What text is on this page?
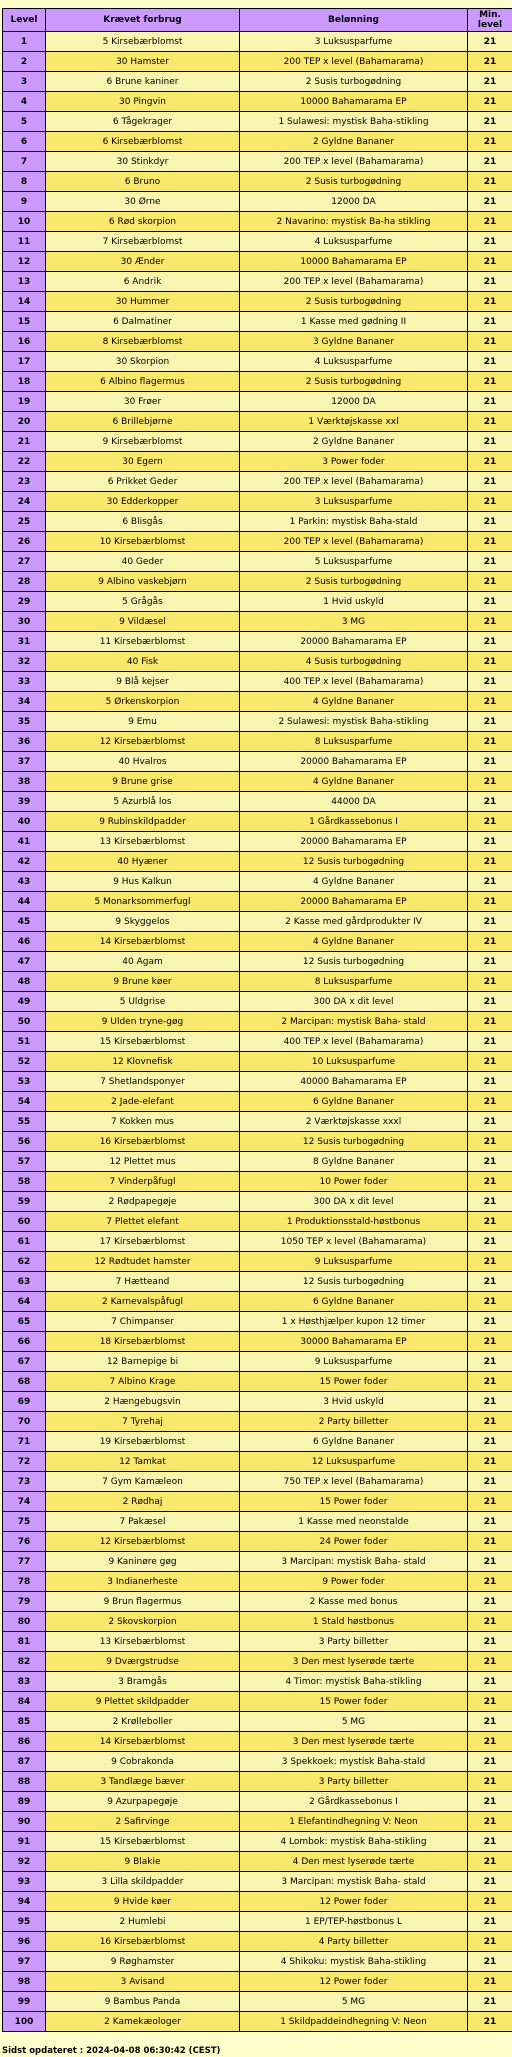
Level	Krævet forbrug	Belønning	Min. level
1	5 Kirsebærblomst	3 Luksusparfume	21
2	30 Hamster	200 TEP x level (Bahamarama)	21
3	6 Brune kaniner	2 Susis turbogødning	21
4	30 Pingvin	10000 Bahamarama EP	21
5	6 Tågekrager	1 Sulawesi: mystisk Baha-stikling	21
6	6 Kirsebærblomst	2 Gyldne Bananer	21
7	30 Stinkdyr	200 TEP x level (Bahamarama)	21
8	6 Bruno	2 Susis turbogødning	21
9	30 Ørne	12000 DA	21
10	6 Rød skorpion	2 Navarino: mystisk Ba-ha stikling	21
11	7 Kirsebærblomst	4 Luksusparfume	21
12	30 Ænder	10000 Bahamarama EP	21
13	6 Andrik	200 TEP x level (Bahamarama)	21
14	30 Hummer	2 Susis turbogødning	21
15	6 Dalmatiner	1 Kasse med gødning II	21
16	8 Kirsebærblomst	3 Gyldne Bananer	21
17	30 Skorpion	4 Luksusparfume	21
18	6 Albino flagermus	2 Susis turbogødning	21
19	30 Frøer	12000 DA	21
20	6 Brillebjørne	1 Værktøjskasse xxl	21
21	9 Kirsebærblomst	2 Gyldne Bananer	21
22	30 Egern	3 Power foder	21
23	6 Prikket Geder	200 TEP x level (Bahamarama)	21
24	30 Edderkopper	3 Luksusparfume	21
25	6 Blisgås	1 Parkin: mystisk Baha-stald	21
26	10 Kirsebærblomst	200 TEP x level (Bahamarama)	21
27	40 Geder	5 Luksusparfume	21
28	9 Albino vaskebjørn	2 Susis turbogødning	21
29	5 Grågås	1 Hvid uskyld	21
30	9 Vildæsel	3 MG	21
31	11 Kirsebærblomst	20000 Bahamarama EP	21
32	40 Fisk	4 Susis turbogødning	21
33	9 Blå kejser	400 TEP x level (Bahamarama)	21
34	5 Ørkenskorpion	4 Gyldne Bananer	21
35	9 Emu	2 Sulawesi: mystisk Baha-stikling	21
36	12 Kirsebærblomst	8 Luksusparfume	21
37	40 Hvalros	20000 Bahamarama EP	21
38	9 Brune grise	4 Gyldne Bananer	21
39	5 Azurblå los	44000 DA	21
40	9 Rubinskildpadder	1 Gårdkassebonus I	21
41	13 Kirsebærblomst	20000 Bahamarama EP	21
42	40 Hyæner	12 Susis turbogødning	21
43	9 Hus Kalkun	4 Gyldne Bananer	21
44	5 Monarksommerfugl	20000 Bahamarama EP	21
45	9 Skyggelos	2 Kasse med gårdprodukter IV	21
46	14 Kirsebærblomst	4 Gyldne Bananer	21
47	40 Agam	12 Susis turbogødning	21
48	9 Brune køer	8 Luksusparfume	21
49	5 Uldgrise	300 DA x dit level	21
50	9 Ulden tryne-gøg	2 Marcipan: mystisk Baha- stald	21
51	15 Kirsebærblomst	400 TEP x level (Bahamarama)	21
52	12 Klovnefisk	10 Luksusparfume	21
53	7 Shetlandsponyer	40000 Bahamarama EP	21
54	2 Jade-elefant	6 Gyldne Bananer	21
55	7 Kokken mus	2 Værktøjskasse xxxl	21
56	16 Kirsebærblomst	12 Susis turbogødning	21
57	12 Plettet mus	8 Gyldne Bananer	21
58	7 Vinderpåfugl	10 Power foder	21
59	2 Rødpapegøje	300 DA x dit level	21
60	7 Plettet elefant	1 Produktionsstald-høstbonus	21
61	17 Kirsebærblomst	1050 TEP x level (Bahamarama)	21
62	12 Rødtudet hamster	9 Luksusparfume	21
63	7 Hætteand	12 Susis turbogødning	21
64	2 Karnevalspåfugl	6 Gyldne Bananer	21
65	7 Chimpanser	1 x Høsthjælper kupon 12 timer	21
66	18 Kirsebærblomst	30000 Bahamarama EP	21
67	12 Barnepige bi	9 Luksusparfume	21
68	7 Albino Krage	15 Power foder	21
69	2 Hængebugsvin	3 Hvid uskyld	21
70	7 Tyrehaj	2 Party billetter	21
71	19 Kirsebærblomst	6 Gyldne Bananer	21
72	12 Tamkat	12 Luksusparfume	21
73	7 Gym Kamæleon	750 TEP x level (Bahamarama)	21
74	2 Rødhaj	15 Power foder	21
75	7 Pakæsel	1 Kasse med neonstalde	21
76	12 Kirsebærblomst	24 Power foder	21
77	9 Kaninøre gøg	3 Marcipan: mystisk Baha- stald	21
78	3 Indianerheste	9 Power foder	21
79	9 Brun flagermus	2 Kasse med bonus	21
80	2 Skovskorpion	1 Stald høstbonus	21
81	13 Kirsebærblomst	3 Party billetter	21
82	9 Dværgstrudse	3 Den mest lyserøde tærte	21
83	3 Bramgås	4 Timor: mystisk Baha-stikling	21
84	9 Plettet skildpadder	15 Power foder	21
85	2 Krølleboller	5 MG	21
86	14 Kirsebærblomst	3 Den mest lyserøde tærte	21
87	9 Cobrakonda	3 Spekkoek: mystisk Baha-stald	21
88	3 Tandlæge bæver	3 Party billetter	21
89	9 Azurpapegøje	2 Gårdkassebonus I	21
90	2 Safirvinge	1 Elefantindhegning V: Neon	21
91	15 Kirsebærblomst	4 Lombok: mystisk Baha-stikling	21
92	9 Blakie	4 Den mest lyserøde tærte	21
93	3 Lilla skildpadder	3 Marcipan: mystisk Baha- stald	21
94	9 Hvide køer	12 Power foder	21
95	2 Humlebi	1 EP/TEP-høstbonus L	21
96	16 Kirsebærblomst	4 Party billetter	21
97	9 Røghamster	4 Shikoku: mystisk Baha-stikling	21
98	3 Avisand	12 Power foder	21
99	9 Bambus Panda	5 MG	21
100	2 Kamekæologer	1 Skildpaddeindhegning V: Neon	21
Sidst opdateret : 2024-04-08 06:30:42 (CEST)
